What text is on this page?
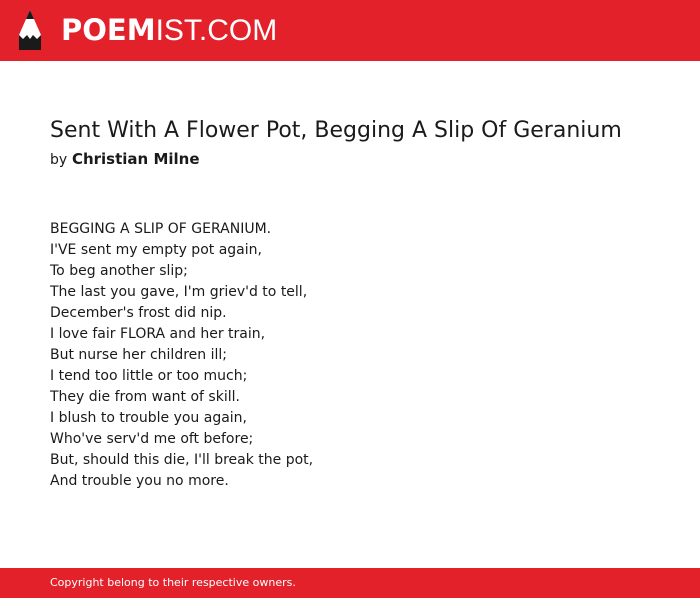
POEMIST.COM
Sent With A Flower Pot, Begging A Slip Of Geranium
by Christian Milne
BEGGING A SLIP OF GERANIUM.
I'VE sent my empty pot again,
To beg another slip;
The last you gave, I'm griev'd to tell,
December's frost did nip.
I love fair FLORA and her train,
But nurse her children ill;
I tend too little or too much;
They die from want of skill.
I blush to trouble you again,
Who've serv'd me oft before;
But, should this die, I'll break the pot,
And trouble you no more.
Copyright belong to their respective owners.
